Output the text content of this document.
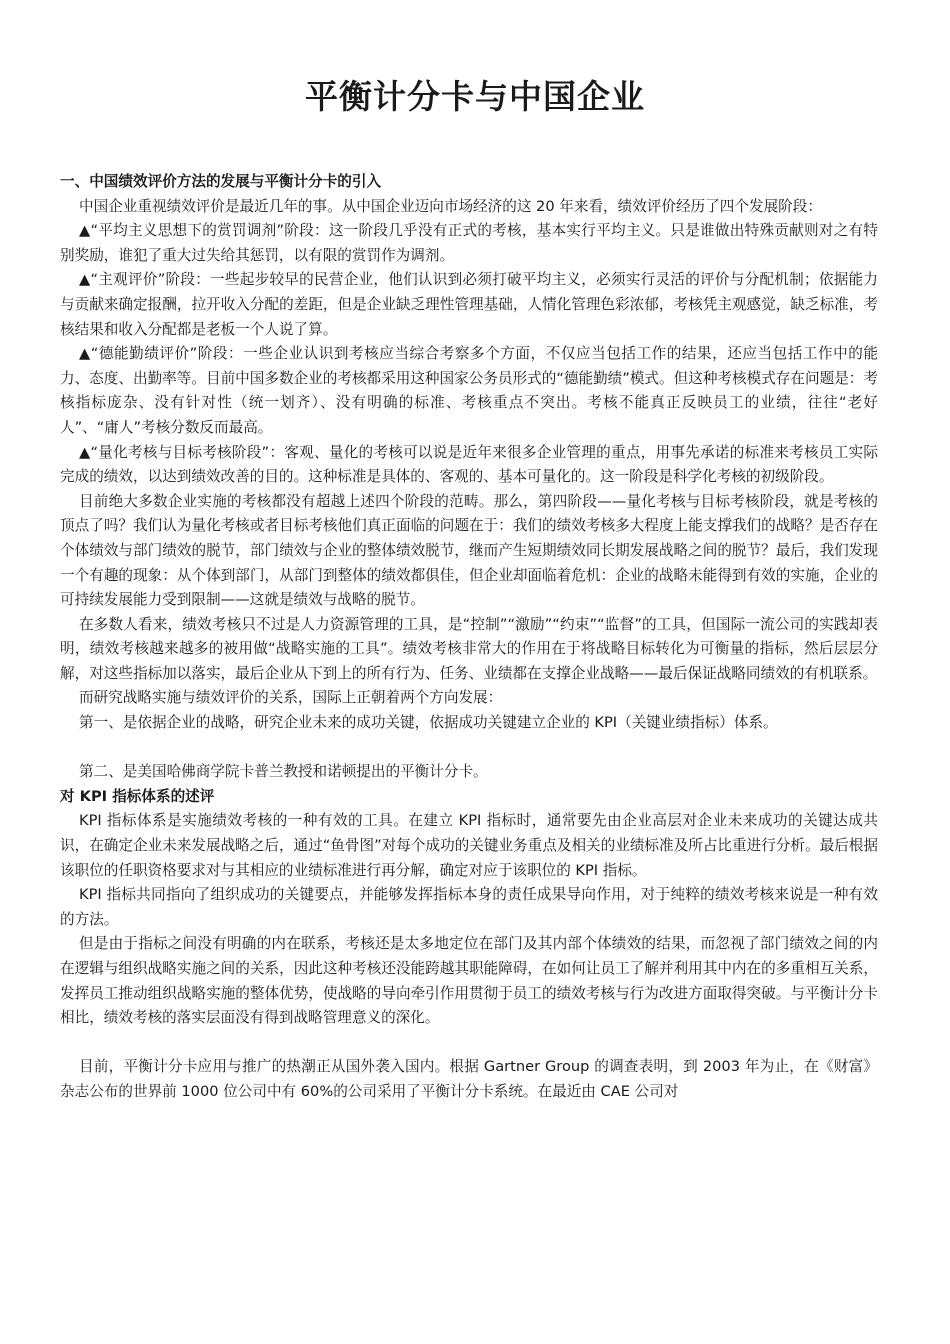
平衡计分卡与中国企业
一、中国绩效评价方法的发展与平衡计分卡的引入

中国企业重视绩效评价是最近几年的事。从中国企业迈向市场经济的这 20 年来看，绩效评价经历了四个发展阶段：

▲“平均主义思想下的赏罚调剂”阶段：这一阶段几乎没有正式的考核，基本实行平均主义。只是谁做出特殊贡献则对之有特别奖励，谁犯了重大过失给其惩罚，以有限的赏罚作为调剂。

▲“主观评价”阶段：一些起步较早的民营企业，他们认识到必须打破平均主义，必须实行灵活的评价与分配机制；依据能力与贡献来确定报酬，拉开收入分配的差距，但是企业缺乏理性管理基础，人情化管理色彩浓郁，考核凭主观感觉，缺乏标准，考核结果和收入分配都是老板一个人说了算。

▲“德能勤绩评价”阶段：一些企业认识到考核应当综合考察多个方面，不仅应当包括工作的结果，还应当包括工作中的能力、态度、出勤率等。目前中国多数企业的考核都采用这种国家公务员形式的“德能勤绩”模式。但这种考核模式存在问题是：考核指标庞杂、没有针对性（统一划齐）、没有明确的标准、考核重点不突出。考核不能真正反映员工的业绩，往往“老好人”、“庸人”考核分数反而最高。

▲“量化考核与目标考核阶段”：客观、量化的考核可以说是近年来很多企业管理的重点，用事先承诺的标准来考核员工实际完成的绩效，以达到绩效改善的目的。这种标准是具体的、客观的、基本可量化的。这一阶段是科学化考核的初级阶段。

目前绝大多数企业实施的考核都没有超越上述四个阶段的范畴。那么，第四阶段——量化考核与目标考核阶段，就是考核的顶点了吗？我们认为量化考核或者目标考核他们真正面临的问题在于：我们的绩效考核多大程度上能支撑我们的战略？是否存在个体绩效与部门绩效的脱节，部门绩效与企业的整体绩效脱节，继而产生短期绩效同长期发展战略之间的脱节？最后，我们发现一个有趣的现象：从个体到部门，从部门到整体的绩效都俱佳，但企业却面临着危机：企业的战略未能得到有效的实施，企业的可持续发展能力受到限制——这就是绩效与战略的脱节。

在多数人看来，绩效考核只不过是人力资源管理的工具，是“控制”“激励”“约束”“监督”的工具，但国际一流公司的实践却表明，绩效考核越来越多的被用做“战略实施的工具”。绩效考核非常大的作用在于将战略目标转化为可衡量的指标，然后层层分解，对这些指标加以落实，最后企业从下到上的所有行为、任务、业绩都在支撑企业战略——最后保证战略同绩效的有机联系。

而研究战略实施与绩效评价的关系，国际上正朝着两个方向发展：

第一、是依据企业的战略，研究企业未来的成功关键，依据成功关键建立企业的 KPI（关键业绩指标）体系。

第二、是美国哈佛商学院卡普兰教授和诺顿提出的平衡计分卡。

对 KPI 指标体系的述评

KPI 指标体系是实施绩效考核的一种有效的工具。在建立 KPI 指标时，通常要先由企业高层对企业未来成功的关键达成共识，在确定企业未来发展战略之后，通过“鱼骨图”对每个成功的关键业务重点及相关的业绩标准及所占比重进行分析。最后根据该职位的任职资格要求对与其相应的业绩标准进行再分解，确定对应于该职位的 KPI 指标。

KPI 指标共同指向了组织成功的关键要点，并能够发挥指标本身的责任成果导向作用，对于纯粹的绩效考核来说是一种有效的方法。

但是由于指标之间没有明确的内在联系，考核还是太多地定位在部门及其内部个体绩效的结果，而忽视了部门绩效之间的内在逻辑与组织战略实施之间的关系，因此这种考核还没能跨越其职能障碍，在如何让员工了解并利用其中内在的多重相互关系，发挥员工推动组织战略实施的整体优势，使战略的导向牵引作用贯彻于员工的绩效考核与行为改进方面取得突破。与平衡计分卡相比，绩效考核的落实层面没有得到战略管理意义的深化。

目前，平衡计分卡应用与推广的热潮正从国外袭入国内。根据 Gartner Group 的调查表明，到 2003 年为止，在《财富》杂志公布的世界前 1000 位公司中有 60%的公司采用了平衡计分卡系统。在最近由 CAE 公司对
